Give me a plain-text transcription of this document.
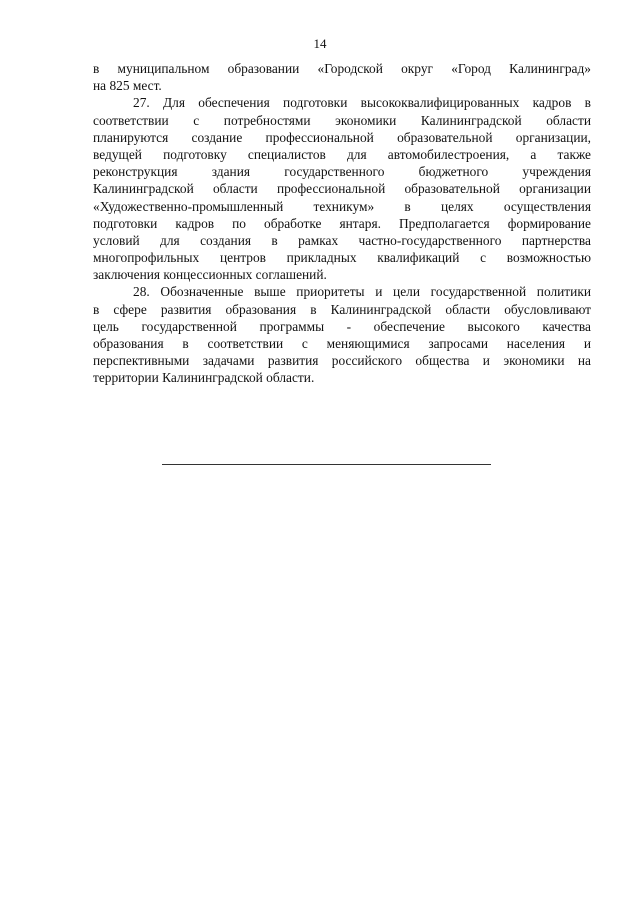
14
в муниципальном образовании «Городской округ «Город Калининград»
на 825 мест.
27. Для обеспечения подготовки высококвалифицированных кадров в
соответствии с потребностями экономики Калининградской области
планируются создание профессиональной образовательной организации,
ведущей подготовку специалистов для автомобилестроения, а также
реконструкция здания государственного бюджетного учреждения
Калининградской области профессиональной образовательной организации
«Художественно-промышленный техникум» в целях осуществления
подготовки кадров по обработке янтаря. Предполагается формирование
условий для создания в рамках частно-государственного партнерства
многопрофильных центров прикладных квалификаций с возможностью
заключения концессионных соглашений.
28. Обозначенные выше приоритеты и цели государственной политики
в сфере развития образования в Калининградской области обусловливают
цель государственной программы - обеспечение высокого качества
образования в соответствии с меняющимися запросами населения и
перспективными задачами развития российского общества и экономики на
территории Калининградской области.
